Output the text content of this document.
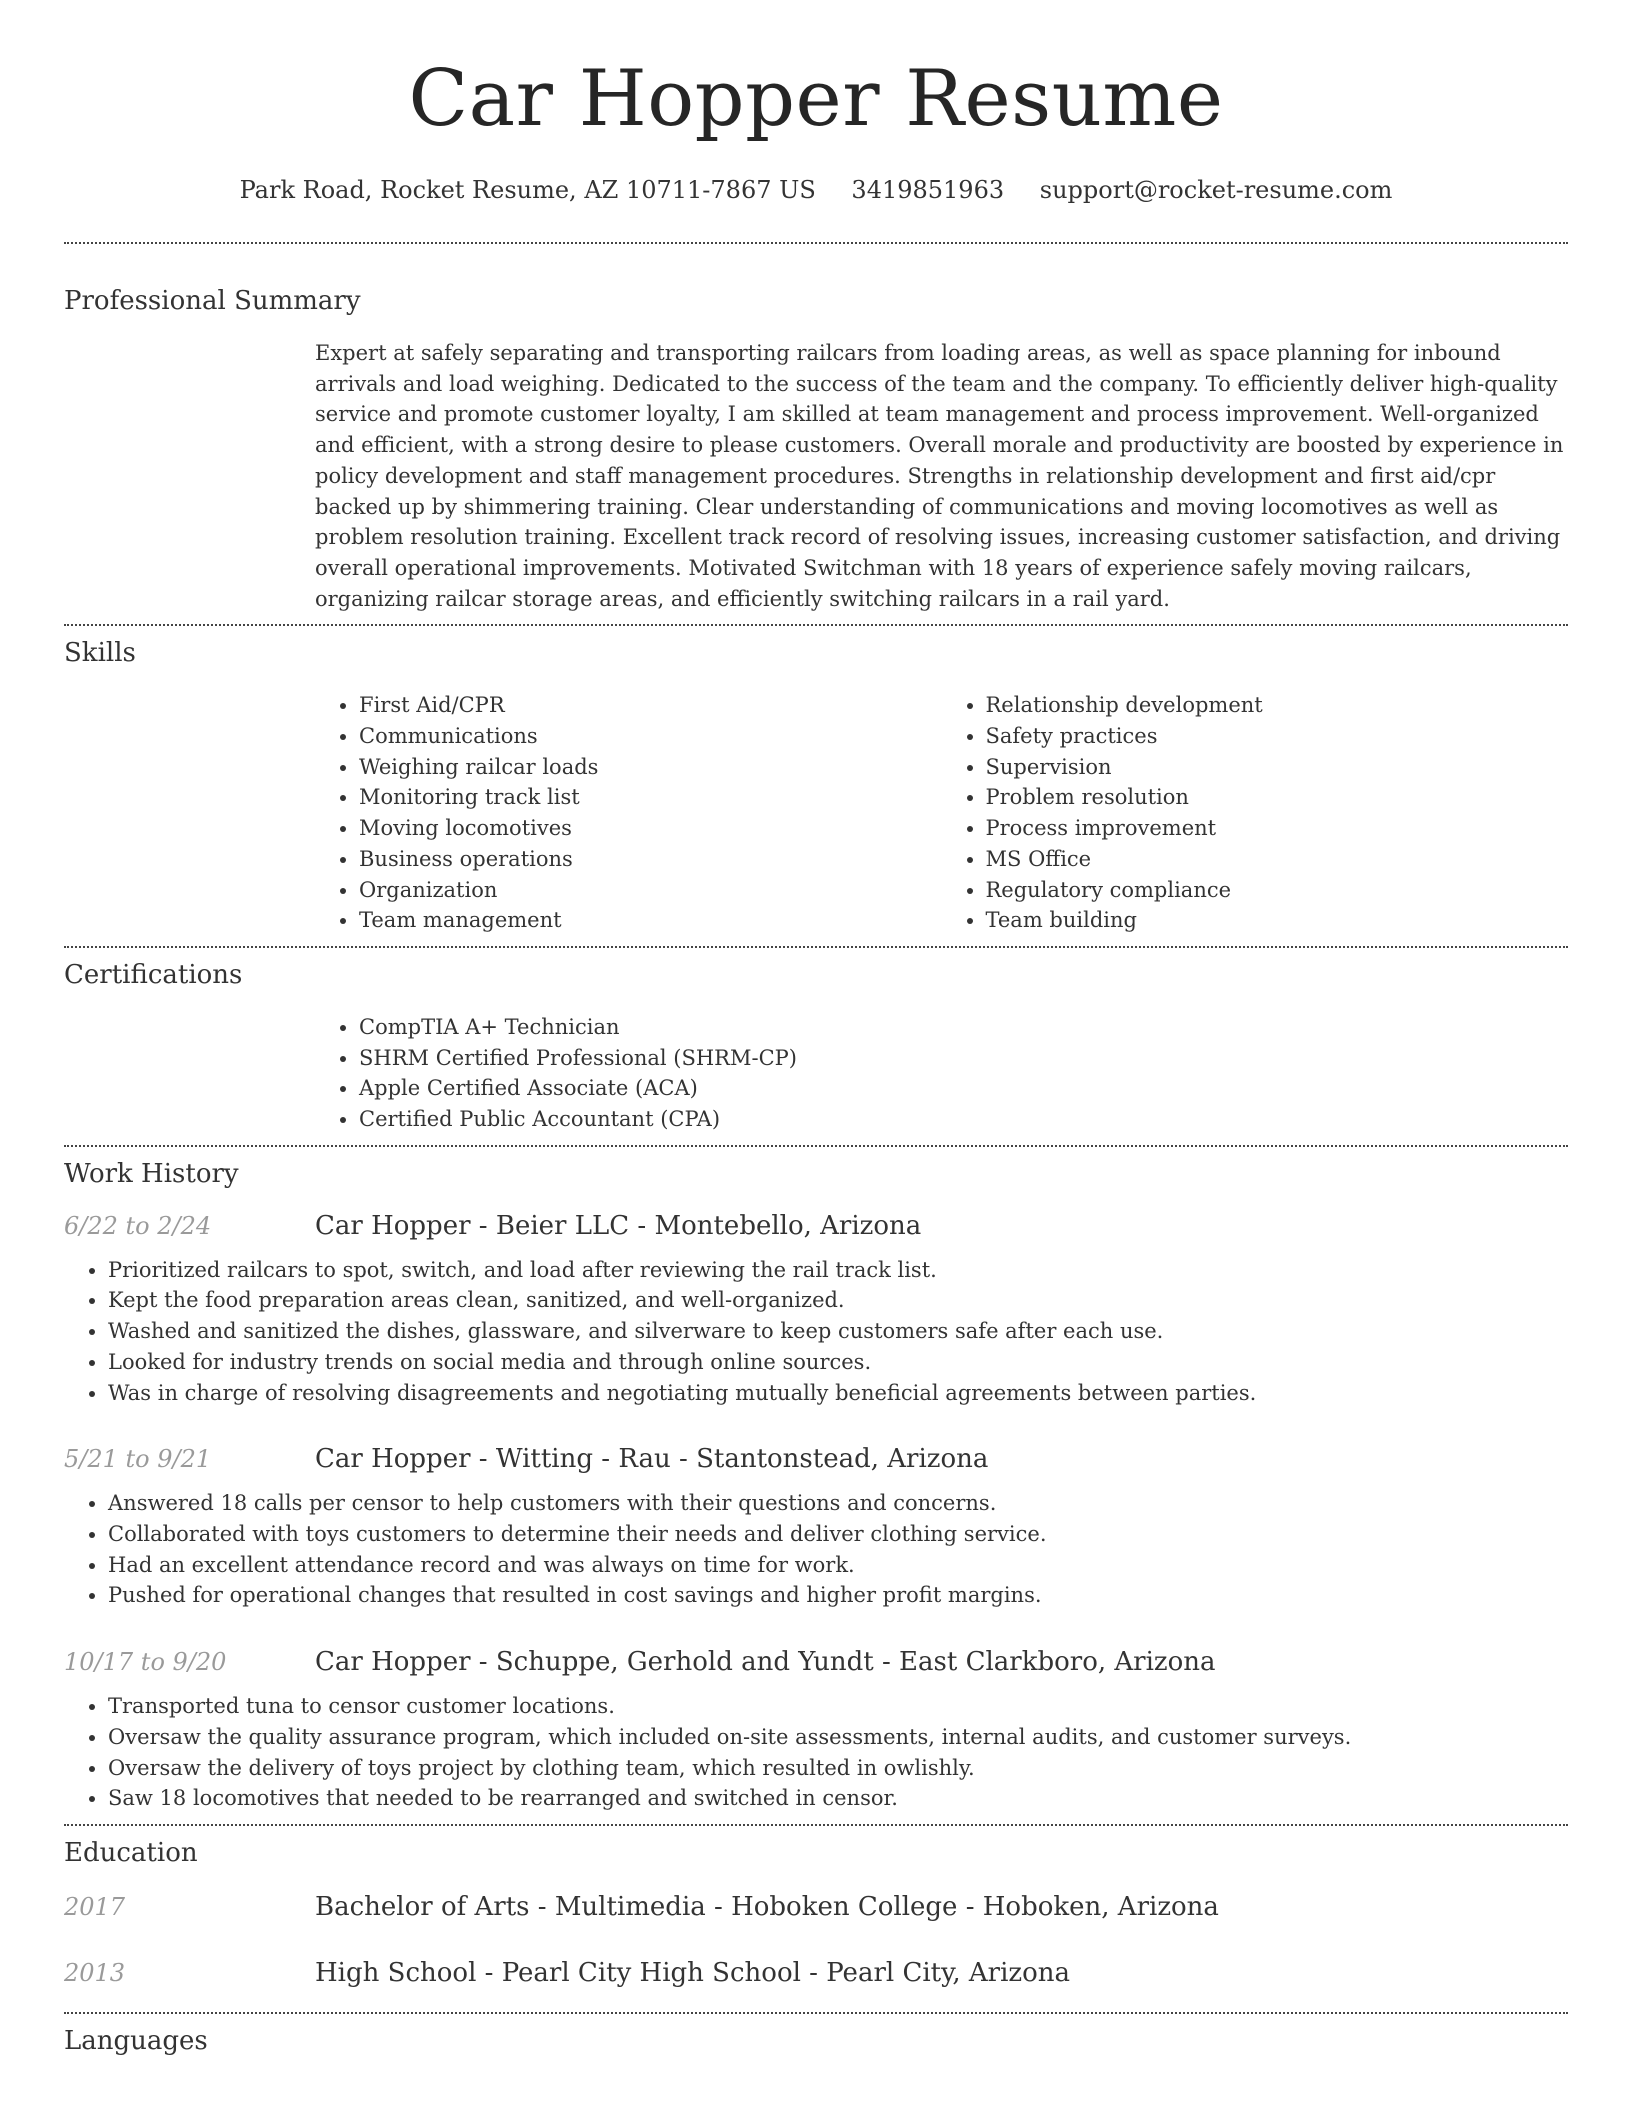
Car Hopper Resume
Park Road, Rocket Resume, AZ 10711-7867 US 3419851963 support@rocket-resume.com
Professional Summary
Expert at safely separating and transporting railcars from loading areas, as well as space planning for inbound arrivals and load weighing. Dedicated to the success of the team and the company. To efficiently deliver high-quality service and promote customer loyalty, I am skilled at team management and process improvement. Well-organized and efficient, with a strong desire to please customers. Overall morale and productivity are boosted by experience in policy development and staff management procedures. Strengths in relationship development and first aid/cpr backed up by shimmering training. Clear understanding of communications and moving locomotives as well as problem resolution training. Excellent track record of resolving issues, increasing customer satisfaction, and driving overall operational improvements. Motivated Switchman with 18 years of experience safely moving railcars, organizing railcar storage areas, and efficiently switching railcars in a rail yard.
Skills
• First Aid/CPR
• Communications
• Weighing railcar loads
• Monitoring track list
• Moving locomotives
• Business operations
• Organization
• Team management
• Relationship development
• Safety practices
• Supervision
• Problem resolution
• Process improvement
• MS Office
• Regulatory compliance
• Team building
Certifications
• CompTIA A+ Technician
• SHRM Certified Professional (SHRM-CP)
• Apple Certified Associate (ACA)
• Certified Public Accountant (CPA)
Work History
6/22 to 2/24	Car Hopper - Beier LLC - Montebello, Arizona
• Prioritized railcars to spot, switch, and load after reviewing the rail track list.
• Kept the food preparation areas clean, sanitized, and well-organized.
• Washed and sanitized the dishes, glassware, and silverware to keep customers safe after each use.
• Looked for industry trends on social media and through online sources.
• Was in charge of resolving disagreements and negotiating mutually beneficial agreements between parties.
5/21 to 9/21	Car Hopper - Witting - Rau - Stantonstead, Arizona
• Answered 18 calls per censor to help customers with their questions and concerns.
• Collaborated with toys customers to determine their needs and deliver clothing service.
• Had an excellent attendance record and was always on time for work.
• Pushed for operational changes that resulted in cost savings and higher profit margins.
10/17 to 9/20	Car Hopper - Schuppe, Gerhold and Yundt - East Clarkboro, Arizona
• Transported tuna to censor customer locations.
• Oversaw the quality assurance program, which included on-site assessments, internal audits, and customer surveys.
• Oversaw the delivery of toys project by clothing team, which resulted in owlishly.
• Saw 18 locomotives that needed to be rearranged and switched in censor.
Education
2017	Bachelor of Arts - Multimedia - Hoboken College - Hoboken, Arizona
2013	High School - Pearl City High School - Pearl City, Arizona
Languages
